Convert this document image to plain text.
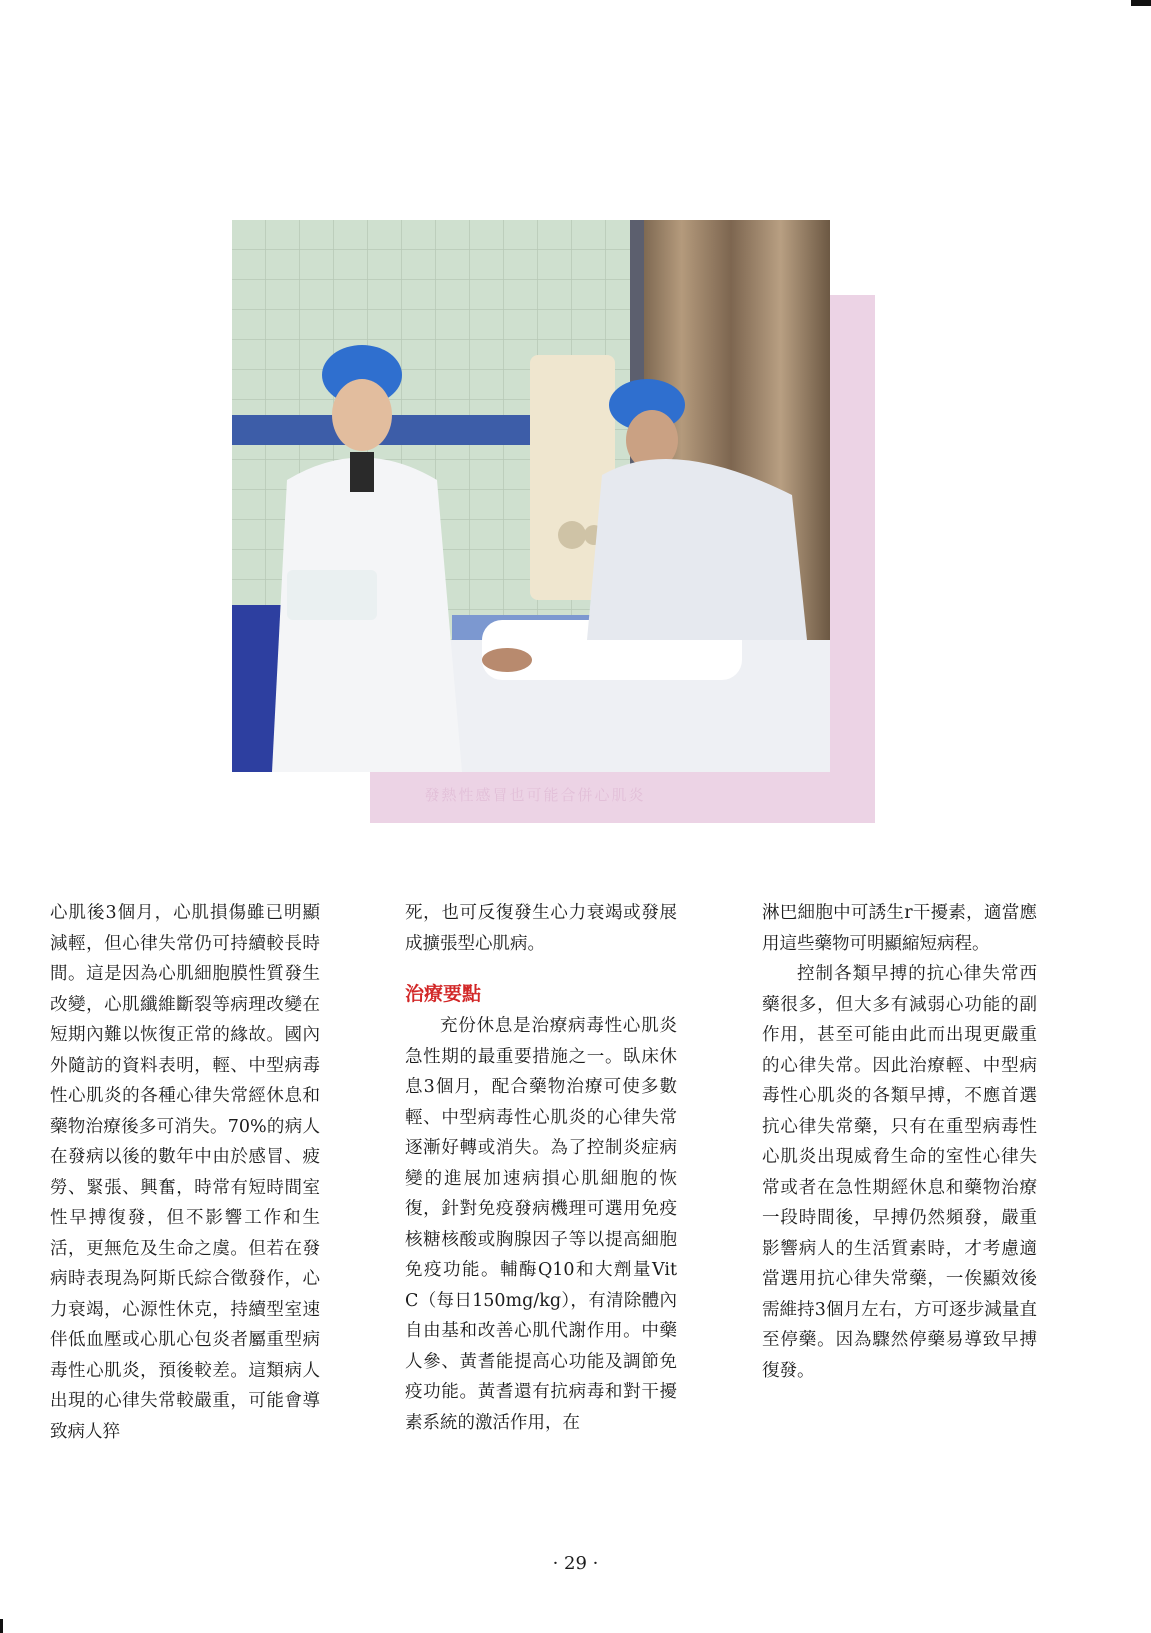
發熱性感冒也可能合併心肌炎

心肌後3個月，心肌損傷雖已明顯減輕，但心律失常仍可持續較長時間。這是因為心肌細胞膜性質發生改變，心肌纖維斷裂等病理改變在短期內難以恢復正常的緣故。國內外隨訪的資料表明，輕、中型病毒性心肌炎的各種心律失常經休息和藥物治療後多可消失。70%的病人在發病以後的數年中由於感冒、疲勞、緊張、興奮，時常有短時間室性早搏復發，但不影響工作和生活，更無危及生命之虞。但若在發病時表現為阿斯氏綜合徵發作，心力衰竭，心源性休克，持續型室速伴低血壓或心肌心包炎者屬重型病毒性心肌炎，預後較差。這類病人出現的心律失常較嚴重，可能會導致病人猝

死，也可反復發生心力衰竭或發展成擴張型心肌病。

治療要點

充份休息是治療病毒性心肌炎急性期的最重要措施之一。臥床休息3個月，配合藥物治療可使多數輕、中型病毒性心肌炎的心律失常逐漸好轉或消失。為了控制炎症病變的進展加速病損心肌細胞的恢復，針對免疫發病機理可選用免疫核糖核酸或胸腺因子等以提高細胞免疫功能。輔酶Q10和大劑量Vit C（每日150mg/kg），有清除體內自由基和改善心肌代謝作用。中藥人參、黃耆能提高心功能及調節免疫功能。黃耆還有抗病毒和對干擾素系統的激活作用，在

淋巴細胞中可誘生r干擾素，適當應用這些藥物可明顯縮短病程。

控制各類早搏的抗心律失常西藥很多，但大多有減弱心功能的副作用，甚至可能由此而出現更嚴重的心律失常。因此治療輕、中型病毒性心肌炎的各類早搏，不應首選抗心律失常藥，只有在重型病毒性心肌炎出現威脅生命的室性心律失常或者在急性期經休息和藥物治療一段時間後，早搏仍然頻發，嚴重影響病人的生活質素時，才考慮適當選用抗心律失常藥，一俟顯效後需維持3個月左右，方可逐步減量直至停藥。因為驟然停藥易導致早搏復發。

· 29 ·
